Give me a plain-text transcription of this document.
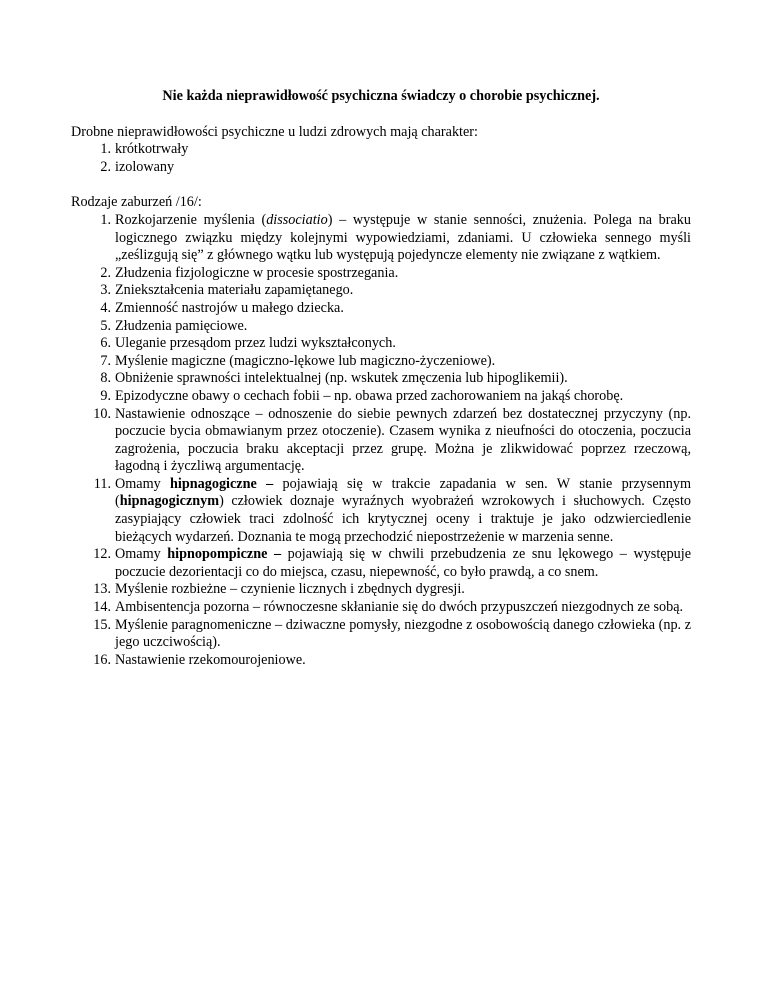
Nie każda nieprawidłowość psychiczna świadczy o chorobie psychicznej.

Drobne nieprawidłowości psychiczne u ludzi zdrowych mają charakter:

1. krótkotrwały
2. izolowany

Rodzaje zaburzeń /16/:

1. Rozkojarzenie myślenia (dissociatio) – występuje w stanie senności, znużenia. Polega na braku logicznego związku między kolejnymi wypowiedziami, zdaniami. U człowieka sennego myśli „ześlizgują się” z głównego wątku lub występują pojedyncze elementy nie związane z wątkiem.
2. Złudzenia fizjologiczne w procesie spostrzegania.
3. Zniekształcenia materiału zapamiętanego.
4. Zmienność nastrojów u małego dziecka.
5. Złudzenia pamięciowe.
6. Uleganie przesądom przez ludzi wykształconych.
7. Myślenie magiczne (magiczno-lękowe lub magiczno-życzeniowe).
8. Obniżenie sprawności intelektualnej (np. wskutek zmęczenia lub hipoglikemii).
9. Epizodyczne obawy o cechach fobii – np. obawa przed zachorowaniem na jakąś chorobę.
10. Nastawienie odnoszące – odnoszenie do siebie pewnych zdarzeń bez dostatecznej przyczyny (np. poczucie bycia obmawianym przez otoczenie). Czasem wynika z nieufności do otoczenia, poczucia zagrożenia, poczucia braku akceptacji przez grupę. Można je zlikwidować poprzez rzeczową, łagodną i życzliwą argumentację.
11. Omamy hipnagogiczne – pojawiają się w trakcie zapadania w sen. W stanie przysennym (hipnagogicznym) człowiek doznaje wyraźnych wyobrażeń wzrokowych i słuchowych. Często zasypiający człowiek traci zdolność ich krytycznej oceny i traktuje je jako odzwierciedlenie bieżących wydarzeń. Doznania te mogą przechodzić niepostrzeżenie w marzenia senne.
12. Omamy hipnopompiczne – pojawiają się w chwili przebudzenia ze snu lękowego – występuje poczucie dezorientacji co do miejsca, czasu, niepewność, co było prawdą, a co snem.
13. Myślenie rozbieżne – czynienie licznych i zbędnych dygresji.
14. Ambisentencja pozorna – równoczesne skłanianie się do dwóch przypuszczeń niezgodnych ze sobą.
15. Myślenie paragnomeniczne – dziwaczne pomysły, niezgodne z osobowością danego człowieka (np. z jego uczciwością).
16. Nastawienie rzekomourojeniowe.
